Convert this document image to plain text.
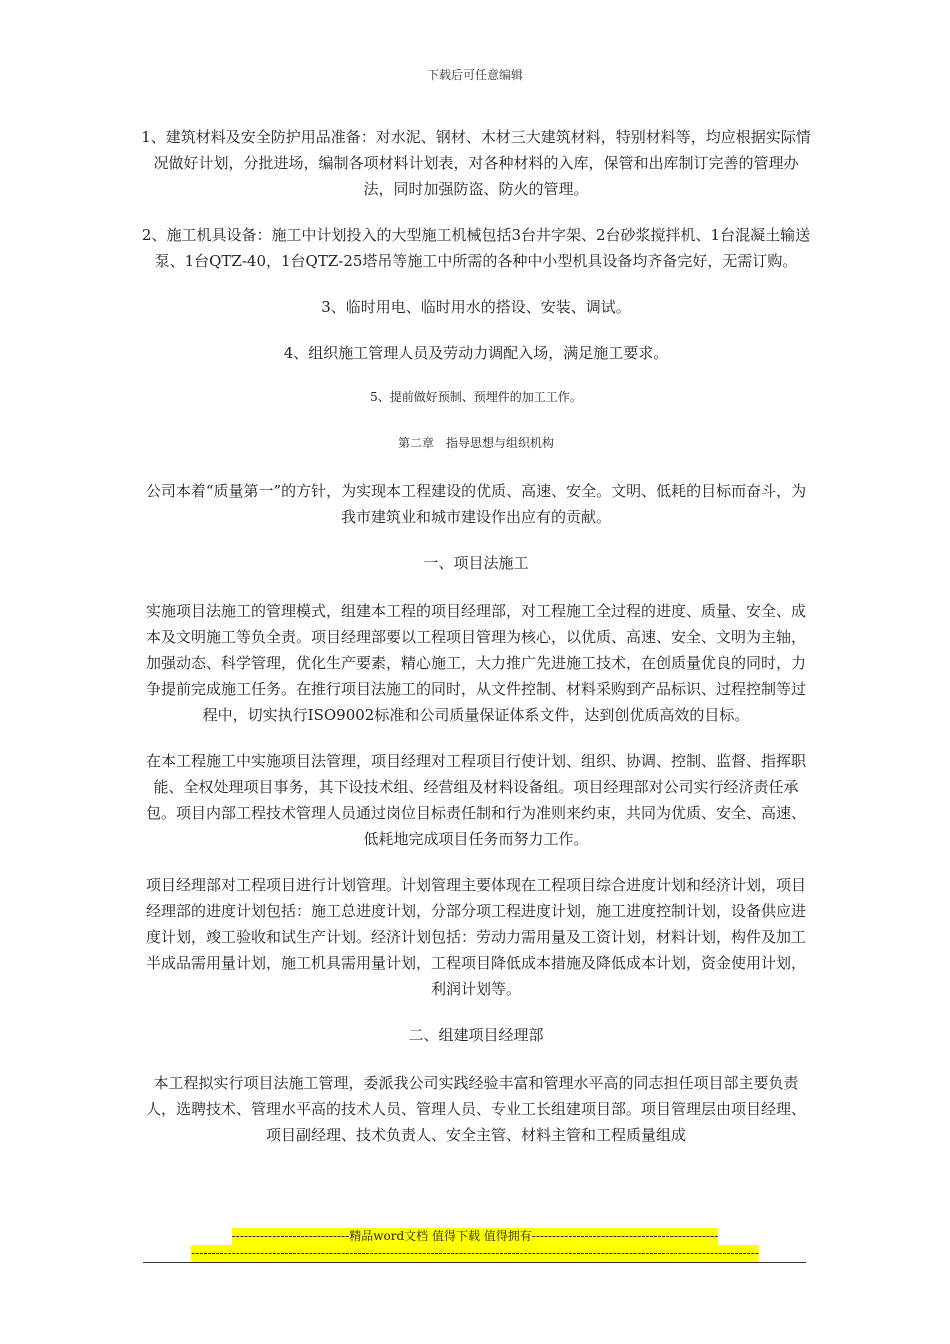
下载后可任意编辑

1、建筑材料及安全防护用品准备：对水泥、钢材、木材三大建筑材料，特别材料等，均应根据实际情况做好计划，分批进场，编制各项材料计划表，对各种材料的入库，保管和出库制订完善的管理办法，同时加强防盗、防火的管理。

2、施工机具设备：施工中计划投入的大型施工机械包括3台井字架、2台砂浆搅拌机、1台混凝土输送泵、1台QTZ-40，1台QTZ-25塔吊等施工中所需的各种中小型机具设备均齐备完好，无需订购。

3、临时用电、临时用水的搭设、安装、调试。

4、组织施工管理人员及劳动力调配入场，满足施工要求。

5、提前做好预制、预埋件的加工工作。

第二章　指导思想与组织机构

公司本着“质量第一”的方针，为实现本工程建设的优质、高速、安全。文明、低耗的目标而奋斗，为我市建筑业和城市建设作出应有的贡献。

一、项目法施工

实施项目法施工的管理模式，组建本工程的项目经理部，对工程施工全过程的进度、质量、安全、成本及文明施工等负全责。项目经理部要以工程项目管理为核心，以优质、高速、安全、文明为主轴，加强动态、科学管理，优化生产要素，精心施工，大力推广先进施工技术，在创质量优良的同时，力争提前完成施工任务。在推行项目法施工的同时，从文件控制、材料采购到产品标识、过程控制等过程中，切实执行ISO9002标准和公司质量保证体系文件，达到创优质高效的目标。

在本工程施工中实施项目法管理，项目经理对工程项目行使计划、组织、协调、控制、监督、指挥职能、全权处理项目事务，其下设技术组、经营组及材料设备组。项目经理部对公司实行经济责任承包。项目内部工程技术管理人员通过岗位目标责任制和行为准则来约束，共同为优质、安全、高速、低耗地完成项目任务而努力工作。

项目经理部对工程项目进行计划管理。计划管理主要体现在工程项目综合进度计划和经济计划，项目经理部的进度计划包括：施工总进度计划，分部分项工程进度计划，施工进度控制计划，设备供应进度计划，竣工验收和试生产计划。经济计划包括：劳动力需用量及工资计划，材料计划，构件及加工半成品需用量计划，施工机具需用量计划，工程项目降低成本措施及降低成本计划，资金使用计划，利润计划等。

二、组建项目经理部

本工程拟实行项目法施工管理，委派我公司实践经验丰富和管理水平高的同志担任项目部主要负责人，选聘技术、管理水平高的技术人员、管理人员、专业工长组建项目部。项目管理层由项目经理、项目副经理、技术负责人、安全主管、材料主管和工程质量组成

-----------------------------精品word文档 值得下载 值得拥有----------------------------------------------
--------------------------------------------------------------------------------------------------------------------------------------------
